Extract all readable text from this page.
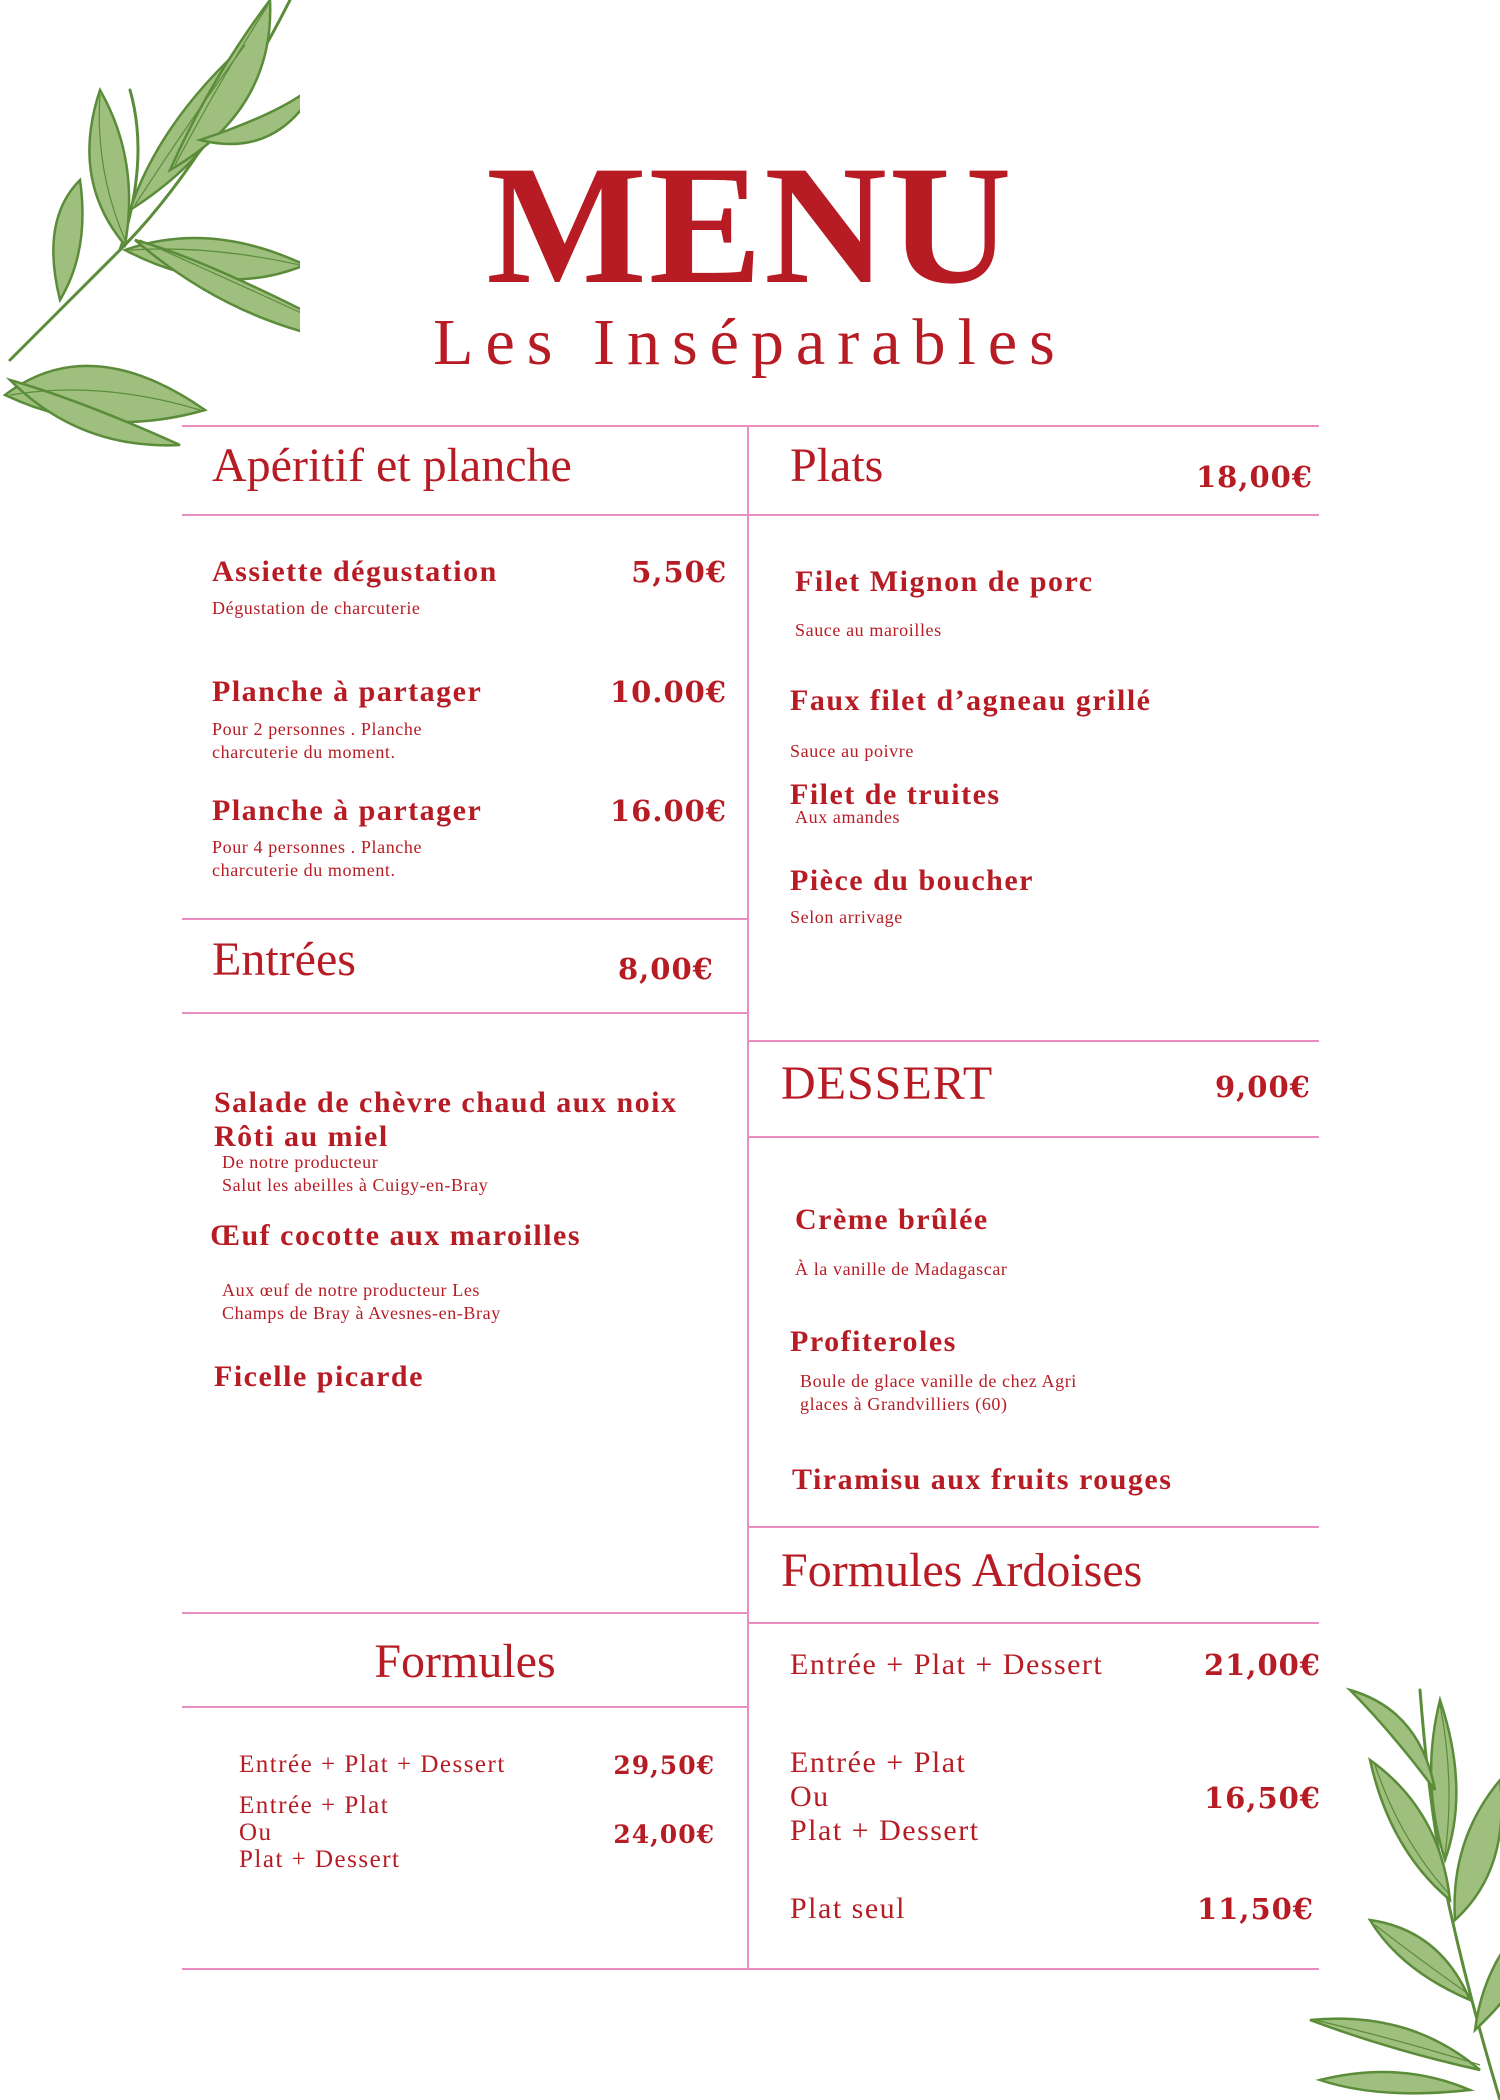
MENU
Les Inséparables
Apéritif et planche
Assiette dégustation	5,50€
Dégustation de charcuterie
Planche à partager	10.00€
Pour 2 personnes . Planche
charcuterie du moment.
Planche à partager	16.00€
Pour 4 personnes . Planche
charcuterie du moment.
Entrées	8,00€
Salade de chèvre chaud aux noix
Rôti au miel
De notre producteur
Salut les abeilles à Cuigy-en-Bray
Œuf cocotte aux maroilles
Aux œuf de notre producteur Les
Champs de Bray à Avesnes-en-Bray
Ficelle picarde
Formules
Entrée + Plat + Dessert	29,50€
Entrée + Plat
Ou
Plat + Dessert
24,00€
Plats	18,00€
Filet Mignon de porc
Sauce au maroilles
Faux filet d’agneau grillé
Sauce au poivre
Filet de truites
Aux amandes
Pièce du boucher
Selon arrivage
DESSERT	9,00€
Crème brûlée
À la vanille de Madagascar
Profiteroles
Boule de glace vanille de chez Agri
glaces à Grandvilliers (60)
Tiramisu aux fruits rouges
Formules Ardoises
Entrée + Plat + Dessert	21,00€
Entrée + Plat
Ou
Plat + Dessert
16,50€
Plat seul	11,50€
